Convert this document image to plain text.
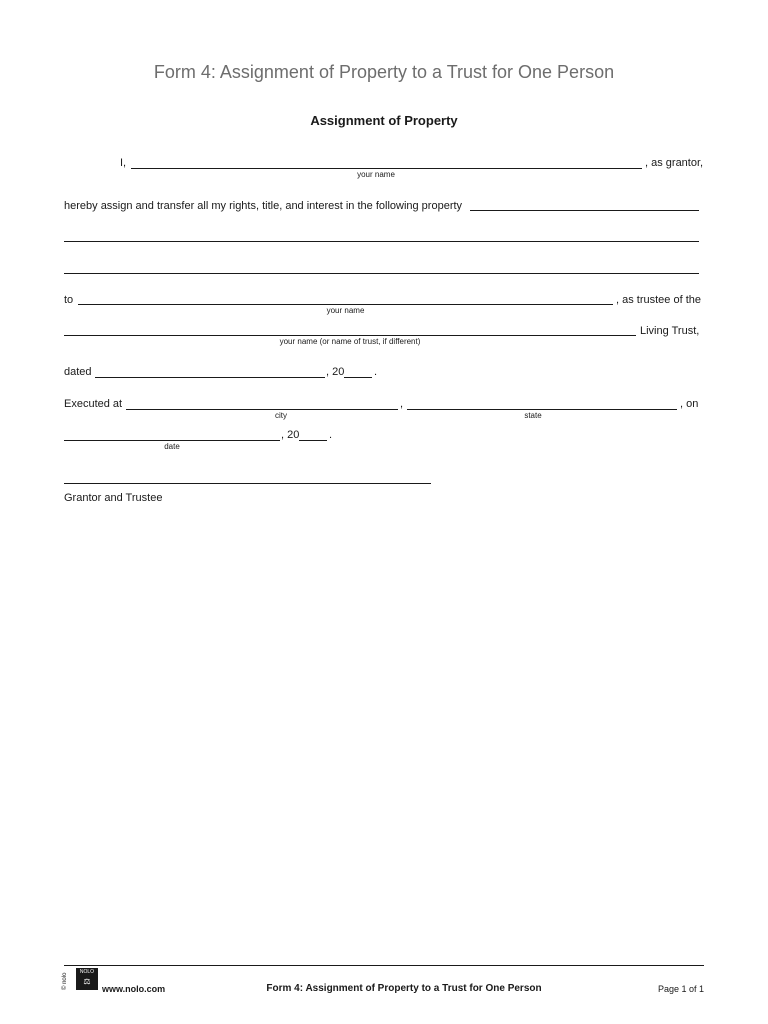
Form 4: Assignment of Property to a Trust for One Person
Assignment of Property
I,	, as grantor,
your name
hereby assign and transfer all my rights, title, and interest in the following property
to	, as trustee of the
your name
Living Trust,
your name (or name of trust, if different)
dated	, 20	.
Executed at	,	, on
city	state
, 20	.
date
Grantor and Trustee
© nolo
NOLO
⚖
www.nolo.com	Form 4: Assignment of Property to a Trust for One Person	Page 1 of 1
